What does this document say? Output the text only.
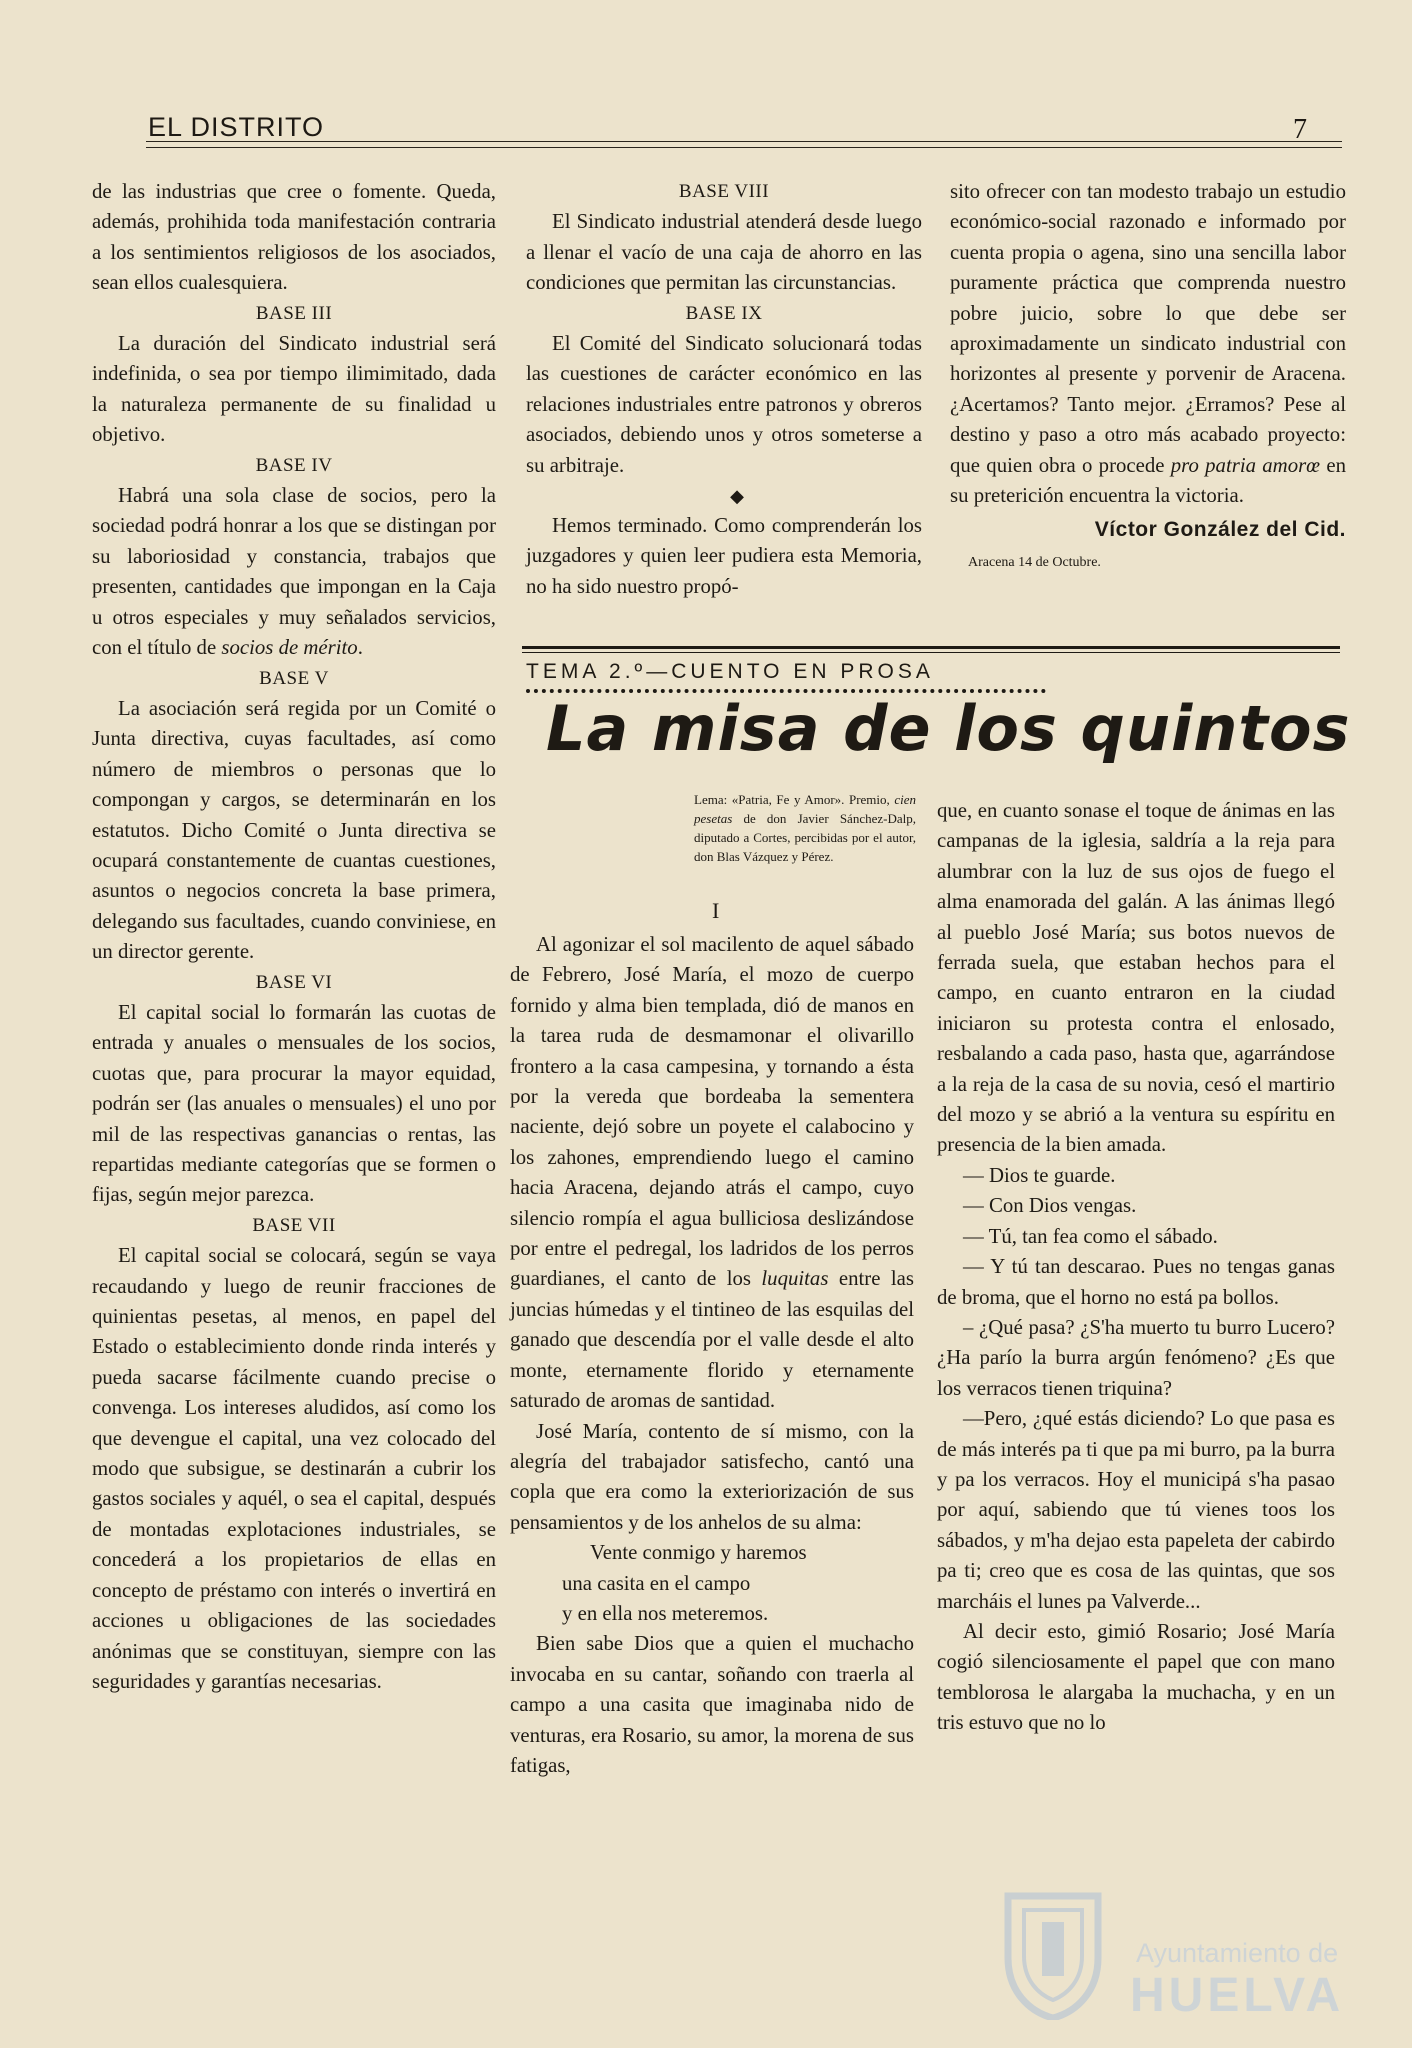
EL DISTRITO	7

de las industrias que cree o fomente. Queda, además, prohihida toda manifestación contraria a los sentimientos religiosos de los asociados, sean ellos cualesquiera.

BASE III

La duración del Sindicato industrial será indefinida, o sea por tiempo ilimimitado, dada la naturaleza permanente de su finalidad u objetivo.

BASE IV

Habrá una sola clase de socios, pero la sociedad podrá honrar a los que se distingan por su laboriosidad y constancia, trabajos que presenten, cantidades que impongan en la Caja u otros especiales y muy señalados servicios, con el título de socios de mérito.

BASE V

La asociación será regida por un Comité o Junta directiva, cuyas facultades, así como número de miembros o personas que lo compongan y cargos, se determinarán en los estatutos. Dicho Comité o Junta directiva se ocupará constantemente de cuantas cuestiones, asuntos o negocios concreta la base primera, delegando sus facultades, cuando conviniese, en un director gerente.

BASE VI

El capital social lo formarán las cuotas de entrada y anuales o mensuales de los socios, cuotas que, para procurar la mayor equidad, podrán ser (las anuales o mensuales) el uno por mil de las respectivas ganancias o rentas, las repartidas mediante categorías que se formen o fijas, según mejor parezca.

BASE VII

El capital social se colocará, según se vaya recaudando y luego de reunir fracciones de quinientas pesetas, al menos, en papel del Estado o establecimiento donde rinda interés y pueda sacarse fácilmente cuando precise o convenga. Los intereses aludidos, así como los que devengue el capital, una vez colocado del modo que subsigue, se destinarán a cubrir los gastos sociales y aquél, o sea el capital, después de montadas explotaciones industriales, se concederá a los propietarios de ellas en concepto de préstamo con interés o invertirá en acciones u obligaciones de las sociedades anónimas que se constituyan, siempre con las seguridades y garantías necesarias.

BASE VIII

El Sindicato industrial atenderá desde luego a llenar el vacío de una caja de ahorro en las condiciones que permitan las circunstancias.

BASE IX

El Comité del Sindicato solucionará todas las cuestiones de carácter económico en las relaciones industriales entre patronos y obreros asociados, debiendo unos y otros someterse a su arbitraje.

◆

Hemos terminado. Como comprenderán los juzgadores y quien leer pudiera esta Memoria, no ha sido nuestro propó-

sito ofrecer con tan modesto trabajo un estudio económico-social razonado e informado por cuenta propia o agena, sino una sencilla labor puramente práctica que comprenda nuestro pobre juicio, sobre lo que debe ser aproximadamente un sindicato industrial con horizontes al presente y porvenir de Aracena. ¿Acertamos? Tanto mejor. ¿Erramos? Pese al destino y paso a otro más acabado proyecto: que quien obra o procede pro patria amorœ en su preterición encuentra la victoria.

Víctor González del Cid.
Aracena 14 de Octubre.
TEMA 2.º—CUENTO EN PROSA
La misa de los quintos

Lema: «Patria, Fe y Amor». Premio, cien pesetas de don Javier Sánchez-Dalp, diputado a Cortes, percibidas por el autor, don Blas Vázquez y Pérez.

I

Al agonizar el sol macilento de aquel sábado de Febrero, José María, el mozo de cuerpo fornido y alma bien templada, dió de manos en la tarea ruda de desmamonar el olivarillo frontero a la casa campesina, y tornando a ésta por la vereda que bordeaba la sementera naciente, dejó sobre un poyete el calabocino y los zahones, emprendiendo luego el camino hacia Aracena, dejando atrás el campo, cuyo silencio rompía el agua bulliciosa deslizándose por entre el pedregal, los ladridos de los perros guardianes, el canto de los luquitas entre las juncias húmedas y el tintineo de las esquilas del ganado que descendía por el valle desde el alto monte, eternamente florido y eternamente saturado de aromas de santidad.

José María, contento de sí mismo, con la alegría del trabajador satisfecho, cantó una copla que era como la exteriorización de sus pensamientos y de los anhelos de su alma:

Vente conmigo y haremos

una casita en el campo

y en ella nos meteremos.

Bien sabe Dios que a quien el muchacho invocaba en su cantar, soñando con traerla al campo a una casita que imaginaba nido de venturas, era Rosario, su amor, la morena de sus fatigas,

que, en cuanto sonase el toque de ánimas en las campanas de la iglesia, saldría a la reja para alumbrar con la luz de sus ojos de fuego el alma enamorada del galán. A las ánimas llegó al pueblo José María; sus botos nuevos de ferrada suela, que estaban hechos para el campo, en cuanto entraron en la ciudad iniciaron su protesta contra el enlosado, resbalando a cada paso, hasta que, agarrándose a la reja de la casa de su novia, cesó el martirio del mozo y se abrió a la ventura su espíritu en presencia de la bien amada.

— Dios te guarde.

— Con Dios vengas.

— Tú, tan fea como el sábado.

— Y tú tan descarao. Pues no tengas ganas de broma, que el horno no está pa bollos.

– ¿Qué pasa? ¿S'ha muerto tu burro Lucero? ¿Ha parío la burra argún fenómeno? ¿Es que los verracos tienen triquina?

—Pero, ¿qué estás diciendo? Lo que pasa es de más interés pa ti que pa mi burro, pa la burra y pa los verracos. Hoy el municipá s'ha pasao por aquí, sabiendo que tú vienes toos los sábados, y m'ha dejao esta papeleta der cabirdo pa ti; creo que es cosa de las quintas, que sos marcháis el lunes pa Valverde...

Al decir esto, gimió Rosario; José María cogió silenciosamente el papel que con mano temblorosa le alargaba la muchacha, y en un tris estuvo que no lo

Ayuntamiento de
HUELVA
